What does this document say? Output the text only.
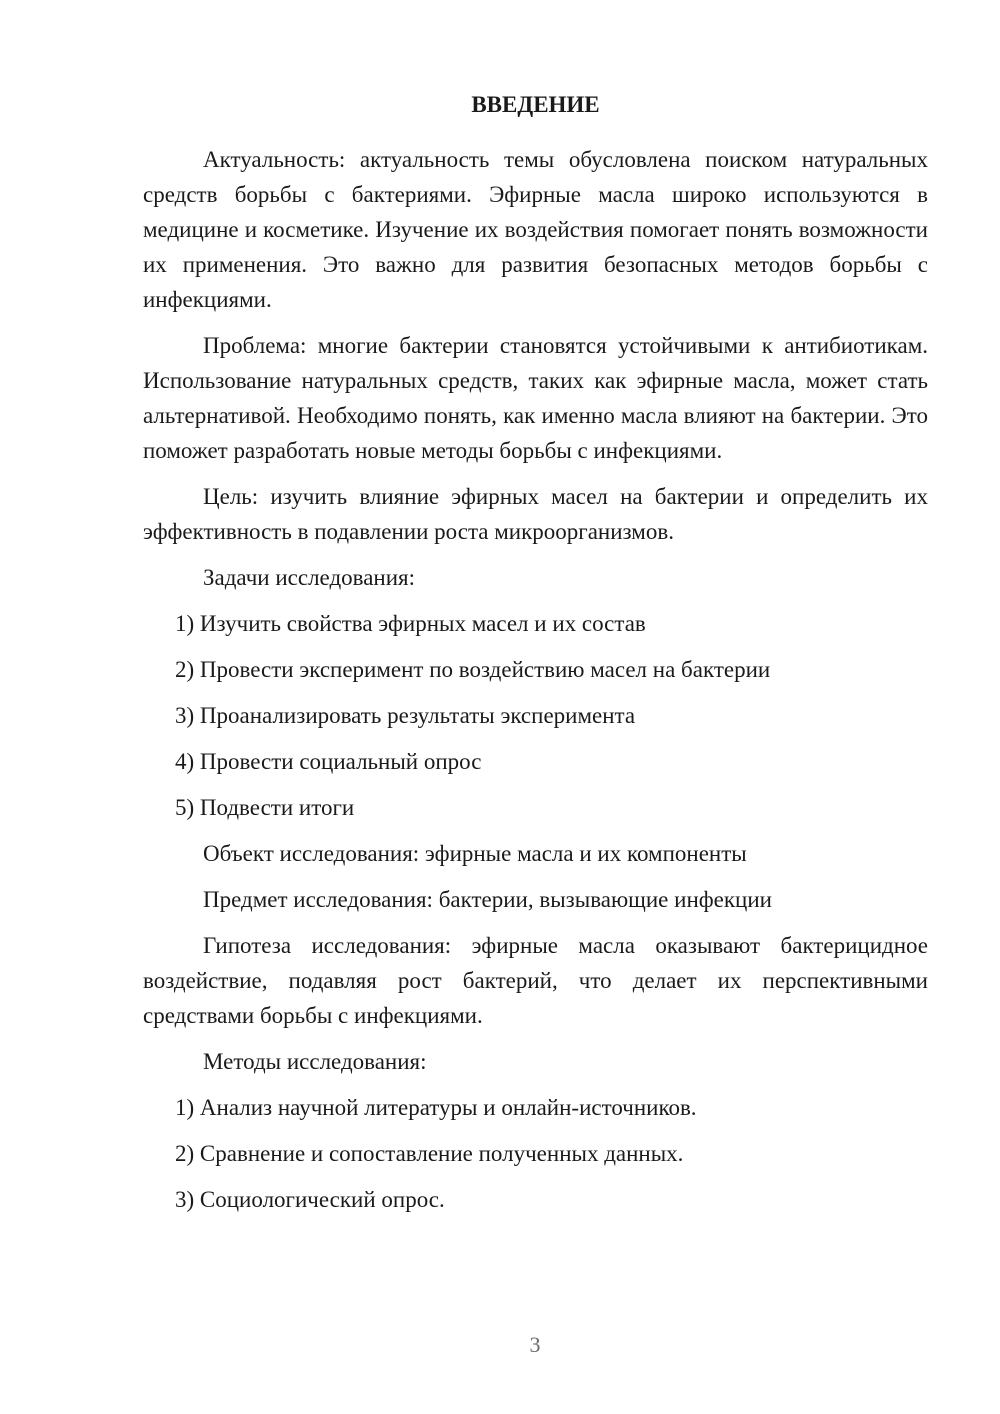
ВВЕДЕНИЕ

Актуальность: актуальность темы обусловлена поиском натуральных средств борьбы с бактериями. Эфирные масла широко используются в медицине и косметике. Изучение их воздействия помогает понять возможности их применения. Это важно для развития безопасных методов борьбы с инфекциями.

Проблема: многие бактерии становятся устойчивыми к антибиотикам. Использование натуральных средств, таких как эфирные масла, может стать альтернативой. Необходимо понять, как именно масла влияют на бактерии. Это поможет разработать новые методы борьбы с инфекциями.

Цель: изучить влияние эфирных масел на бактерии и определить их эффективность в подавлении роста микроорганизмов.

Задачи исследования:

1) Изучить свойства эфирных масел и их состав

2) Провести эксперимент по воздействию масел на бактерии

3) Проанализировать результаты эксперимента

4) Провести социальный опрос

5) Подвести итоги

Объект исследования: эфирные масла и их компоненты

Предмет исследования: бактерии, вызывающие инфекции

Гипотеза исследования: эфирные масла оказывают бактерицидное воздействие, подавляя рост бактерий, что делает их перспективными средствами борьбы с инфекциями.

Методы исследования:

1) Анализ научной литературы и онлайн-источников.

2) Сравнение и сопоставление полученных данных.

3) Социологический опрос.

3
